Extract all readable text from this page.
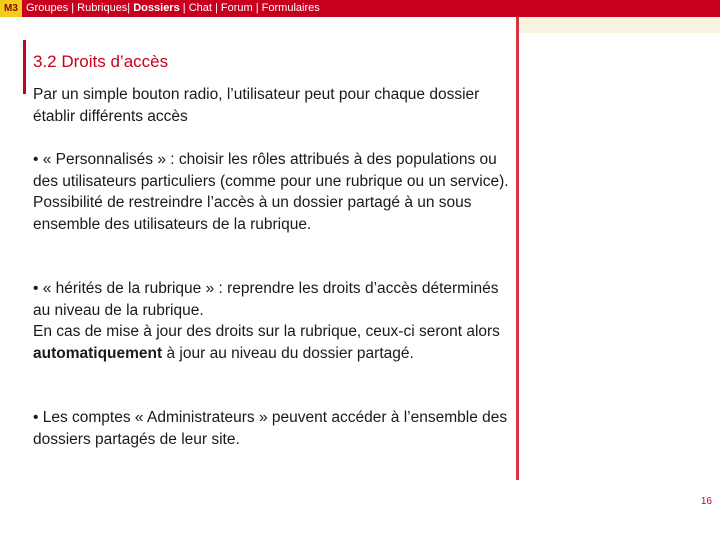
M3 Groupes | Rubriques| Dossiers | Chat | Forum | Formulaires
3.2 Droits d’accès
Par un simple bouton radio, l’utilisateur peut pour chaque dossier établir différents accès
• « Personnalisés » : choisir les rôles attribués à des populations ou des utilisateurs particuliers (comme pour une rubrique ou un service).
Possibilité de restreindre l’accès à un dossier partagé à un sous ensemble des utilisateurs de la rubrique.
• « hérités de la rubrique » : reprendre les droits d’accès déterminés au niveau de la rubrique.
En cas de mise à jour des droits sur la rubrique, ceux-ci seront alors automatiquement à jour au niveau du dossier partagé.
• Les comptes « Administrateurs » peuvent accéder à l’ensemble des dossiers partagés de leur site.
16
